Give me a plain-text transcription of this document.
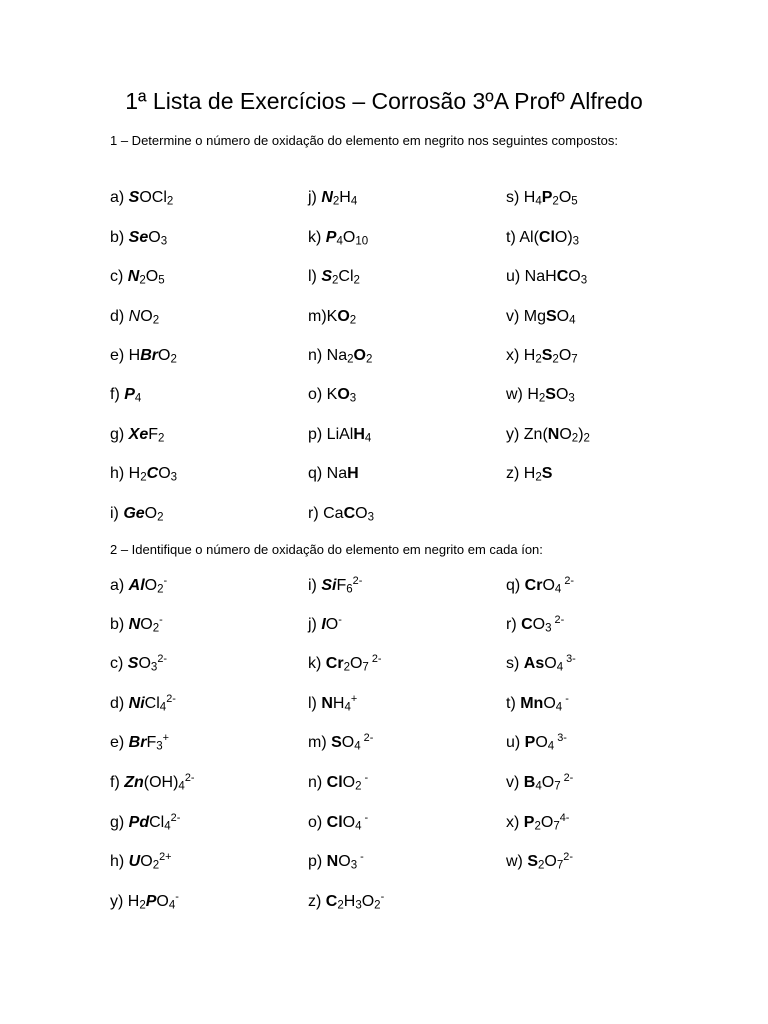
1ª Lista de Exercícios – Corrosão 3ºA Profº Alfredo
1 – Determine o número de oxidação do elemento em negrito nos seguintes compostos:
2 – Identifique o número de oxidação do elemento em negrito em cada íon:
a) SOCl$_2$
b) SeO$_3$
c) $N_2O_5$
d) $NO_2$
e) HBrO$_2$
f) $P_4$
g) XeF$_2$
h) $H_2CO_3$
i) GeO$_2$
j) $N_2H_4$
k) $P_4O_{10}$
l) $S_2Cl_2$
$m)KO_2$
n) $Na_2O_2$
o) $KO_3$
p) LiAlH$_4$
q) NaH
r) CaCO$_3$
s) $H_4P_2O_5$
t) $Al(ClO)_3$
u) NaHCO$_3$
v) MgSO$_4$
x) $H_2S_2O_7$
w) $H_2SO_3$
y) $Zn(NO_2)_2$
z) $H_2S$
a) AlO$_2$-
b) $NO_2^-$
c) $SO_3^{2-}$
d) NiCl$_4^{2-}$
e) BrF$_3$+
f) $Zn(OH)_4^{2-}$
g) PdCl$_4^{2-}$
h) $UO_2^{2+}$
y) $H_2PO_4^-$
i) SiF$_6^{2-}$
j) IO-
k) $Cr_2O_7$ $^{2-}$
l) $NH_4^+$
m) $SO_4$ $^{2-}$
n) ClO$_2$ -
o) ClO$_4$ -
p) $NO_3$ -
z) $C_2H_3O_2^-$
q) CrO$_4$ $^{2-}$
r) $CO_3$ $^{2-}$
s) AsO$_4$ $^{3-}$
t) MnO$_4$ -
u) $PO_4$ $^{3-}$
v) $B_4O_7$ $^{2-}$
x) $P_2O_7^{4-}$
w) $S_2O_7^{2-}$
